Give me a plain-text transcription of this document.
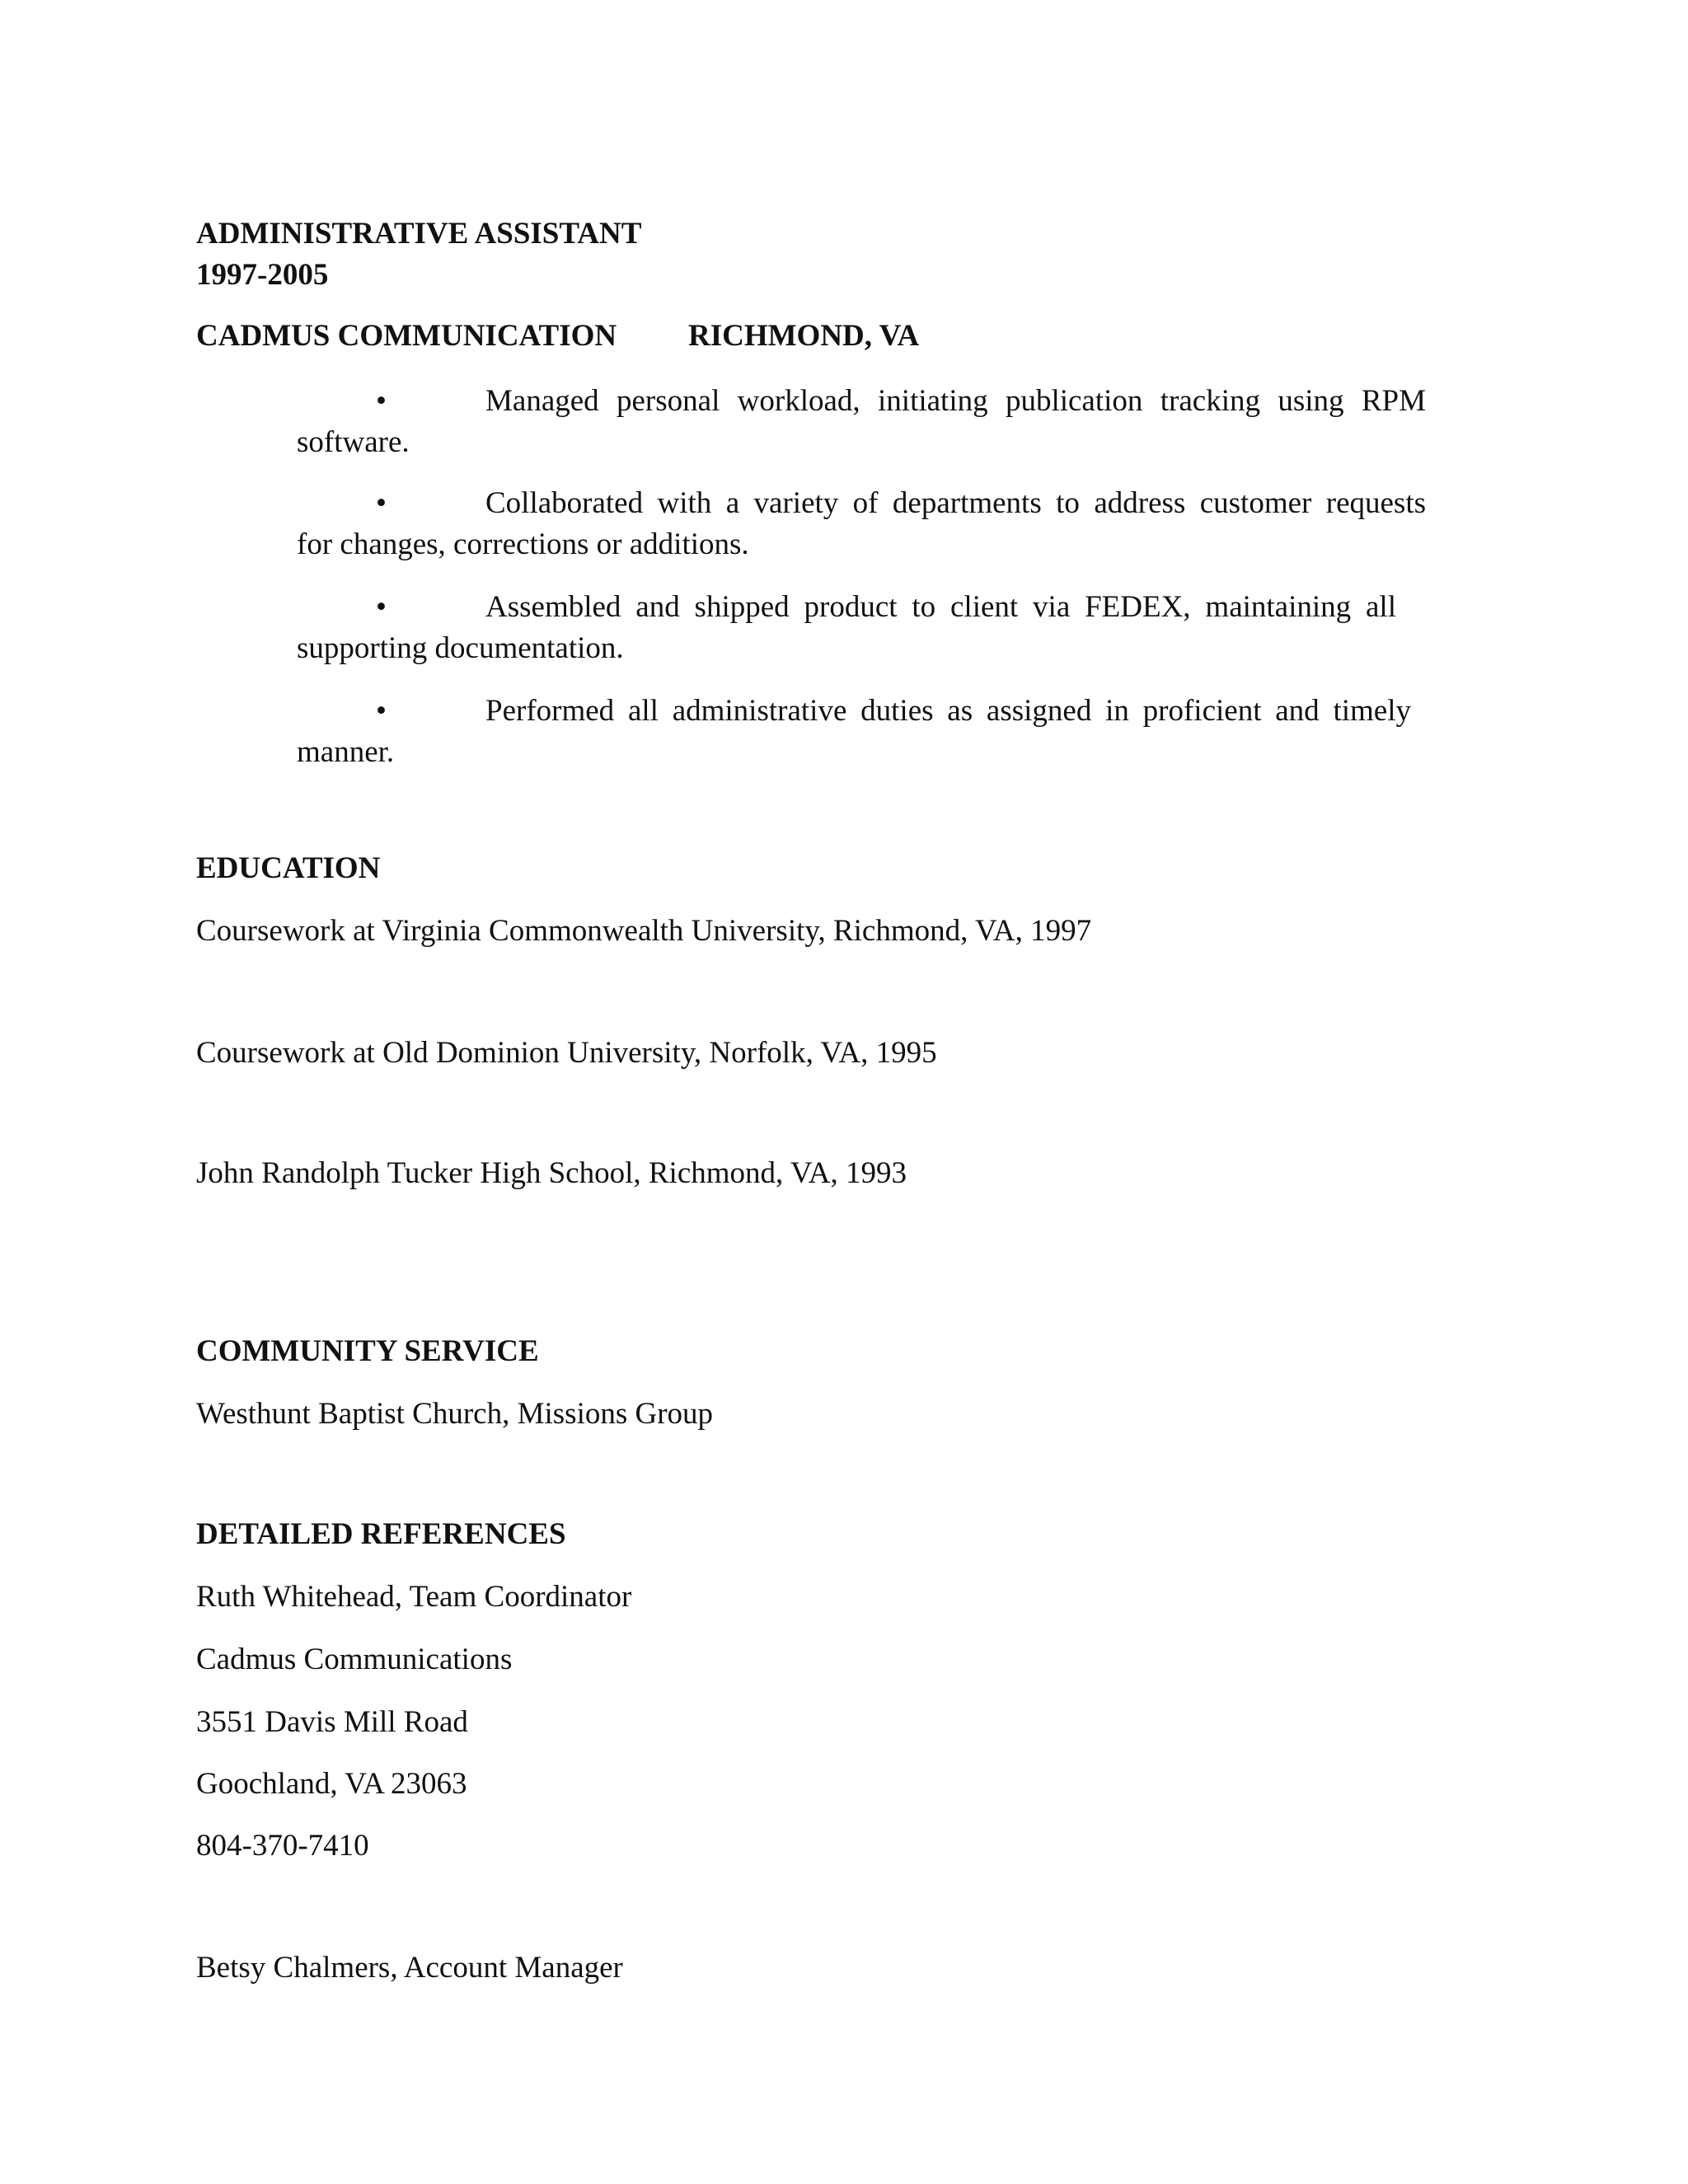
ADMINISTRATIVE ASSISTANT
1997-2005
CADMUS COMMUNICATION RICHMOND, VA
•	Managed personal workload, initiating publication tracking using RPM
software.
•	Collaborated with a variety of departments to address customer requests
for changes, corrections or additions.
•	Assembled and shipped product to client via FEDEX, maintaining all
supporting documentation.
•	Performed all administrative duties as assigned in proficient and timely
manner.
EDUCATION
Coursework at Virginia Commonwealth University, Richmond, VA, 1997
Coursework at Old Dominion University, Norfolk, VA, 1995
John Randolph Tucker High School, Richmond, VA, 1993
COMMUNITY SERVICE
Westhunt Baptist Church, Missions Group
DETAILED REFERENCES
Ruth Whitehead, Team Coordinator
Cadmus Communications
3551 Davis Mill Road
Goochland, VA 23063
804-370-7410
Betsy Chalmers, Account Manager
